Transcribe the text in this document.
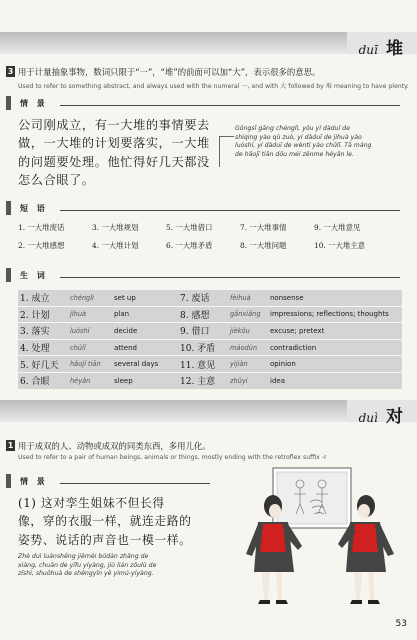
duī 堆
3 用于计量抽象事物，数词只限于“一”，“堆”的前面可以加“大”，表示很多的意思。
Used to refer to something abstract, and always used with the numeral 一, and with 大 followed by 堆 meaning to have plenty.
情 景
公司刚成立，有一大堆的事情要去
做，一大堆的计划要落实，一大堆
的问题要处理。他忙得好几天都没
怎么合眼了。
Gōngsī gāng chénglì, yǒu yí dàduī de
shìqing yào qù zuò, yí dàduī de jìhuà yào
luòshí, yí dàduī de wèntí yào chǔlǐ. Tā máng
de hǎojǐ tiān dōu méi zěnme héyǎn le.
短 语
1. 一大堆废话	3. 一大堆规划	5. 一大堆借口	7. 一大堆事情	9. 一大堆意见
2. 一大堆感想	4. 一大堆计划	6. 一大堆矛盾	8. 一大堆问题	10. 一大堆主意
生 词
1. 成立	chénglì	set up	7. 废话	fèihuà	nonsense
2. 计划	jìhuà	plan	8. 感想	gǎnxiǎng	impressions; reflections; thoughts
3. 落实	luòshí	decide	9. 借口	jièkǒu	excuse; pretext
4. 处理	chǔlǐ	attend	10. 矛盾	máodùn	contradiction
5. 好几天	hǎojǐ tiān	several days	11. 意见	yìjiàn	opinion
6. 合眼	héyǎn	sleep	12. 主意	zhǔyi	idea
duì 对
1 用于成双的人、动物或成双的同类东西，多用儿化。
Used to refer to a pair of human beings, animals or things, mostly ending with the retroflex suffix -r
情 景
(1) 这对孪生姐妹不但长得
像，穿的衣服一样，就连走路的
姿势、说话的声音也一模一样。
Zhè duì luánshēng jiěmèi búdàn zhǎng de
xiàng, chuān de yīfu yíyàng, jiù lián zǒulù de
zīshì, shuōhuà de shēngyīn yě yìmú-yíyàng.
53
